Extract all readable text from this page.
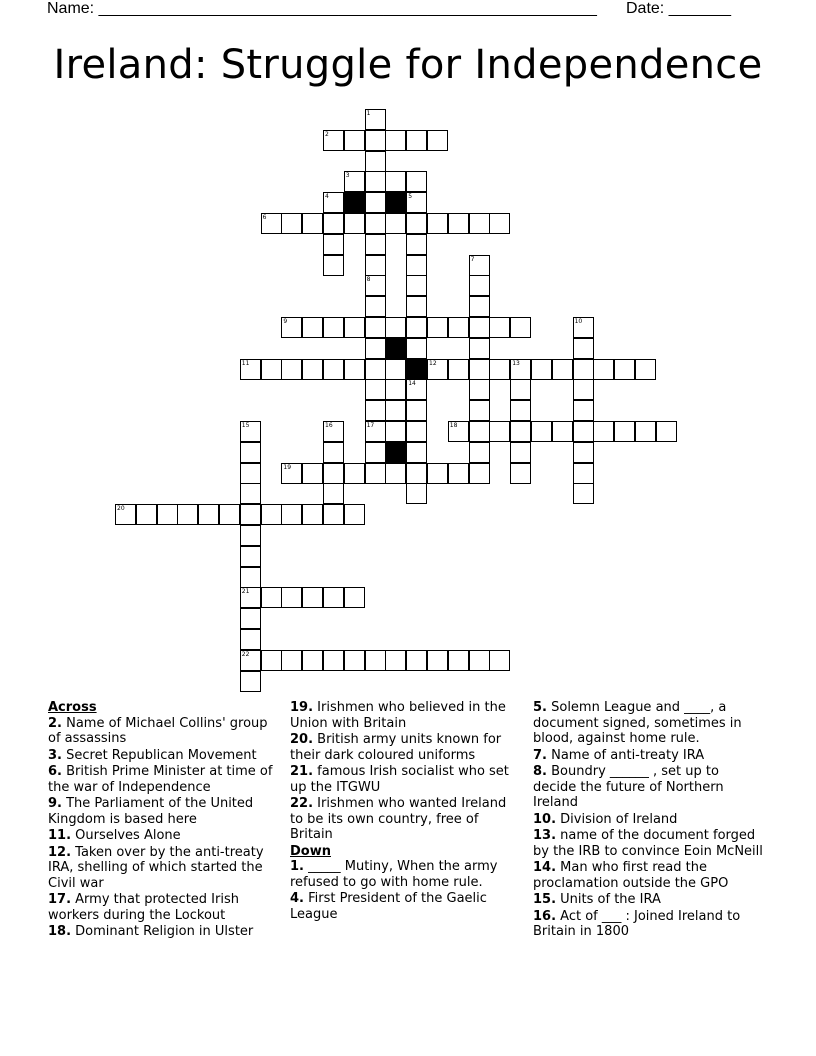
Name: ________________________________________________________ Date: _______
Ireland: Struggle for Independence
2
3
6
9
11	12	13
19
20
21
22
1
4	5
14
7
8
17
10
15	16	18
Across
2. Name of Michael Collins' group of assassins
3. Secret Republican Movement
6. British Prime Minister at time of the war of Independence
9. The Parliament of the United Kingdom is based here
11. Ourselves Alone
12. Taken over by the anti-treaty IRA, shelling of which started the Civil war
17. Army that protected Irish workers during the Lockout
18. Dominant Religion in Ulster
19. Irishmen who believed in the Union with Britain
20. British army units known for their dark coloured uniforms
21. famous Irish socialist who set up the ITGWU
22. Irishmen who wanted Ireland to be its own country, free of Britain
Down
1. _____ Mutiny, When the army refused to go with home rule.
4. First President of the Gaelic League
5. Solemn League and ____, a document signed, sometimes in blood, against home rule.
7. Name of anti-treaty IRA
8. Boundry ______ , set up to decide the future of Northern Ireland
10. Division of Ireland
13. name of the document forged by the IRB to convince Eoin McNeill
14. Man who first read the proclamation outside the GPO
15. Units of the IRA
16. Act of ___ : Joined Ireland to Britain in 1800
